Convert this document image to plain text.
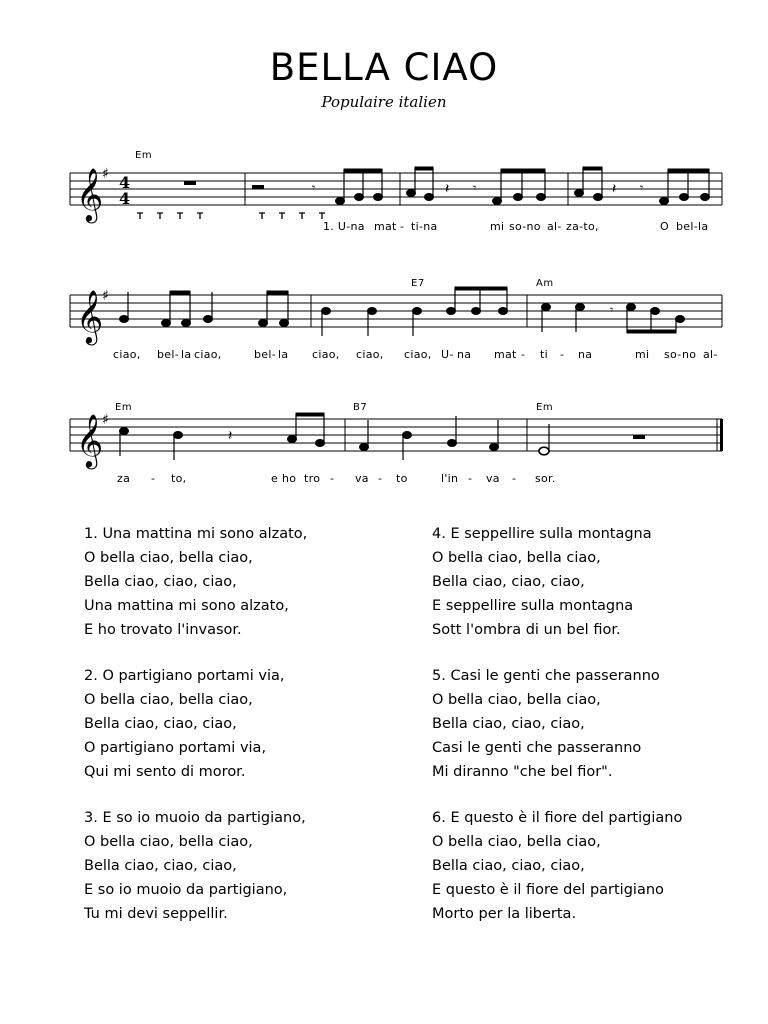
BELLA CIAO
Populaire italien
Em
𝄞
♯ 4
4
𝄾	𝄽 𝄾	𝄽 𝄾
1. U-na mat - ti-na	mi so-no al- za-to,	O bel-la
E7	Am
𝄞
♯
𝄾
ciao, bel- la ciao,	bel- la ciao, ciao, ciao, U- na mat - ti - na	mi so- no al-
Em	B7	Em
𝄞
♯
𝄽
za - to,	e ho tro - va - to	l'in - va - sor.
1. Una mattina mi sono alzato,
O bella ciao, bella ciao,
Bella ciao, ciao, ciao,
Una mattina mi sono alzato,
E ho trovato l'invasor.
2. O partigiano portami via,
O bella ciao, bella ciao,
Bella ciao, ciao, ciao,
O partigiano portami via,
Qui mi sento di moror.
3. E so io muoio da partigiano,
O bella ciao, bella ciao,
Bella ciao, ciao, ciao,
E so io muoio da partigiano,
Tu mi devi seppellir.
4. E seppellire sulla montagna
O bella ciao, bella ciao,
Bella ciao, ciao, ciao,
E seppellire sulla montagna
Sott l'ombra di un bel fior.
5. Casi le genti che passeranno
O bella ciao, bella ciao,
Bella ciao, ciao, ciao,
Casi le genti che passeranno
Mi diranno "che bel fior".
6. E questo è il fiore del partigiano
O bella ciao, bella ciao,
Bella ciao, ciao, ciao,
E questo è il fiore del partigiano
Morto per la liberta.
